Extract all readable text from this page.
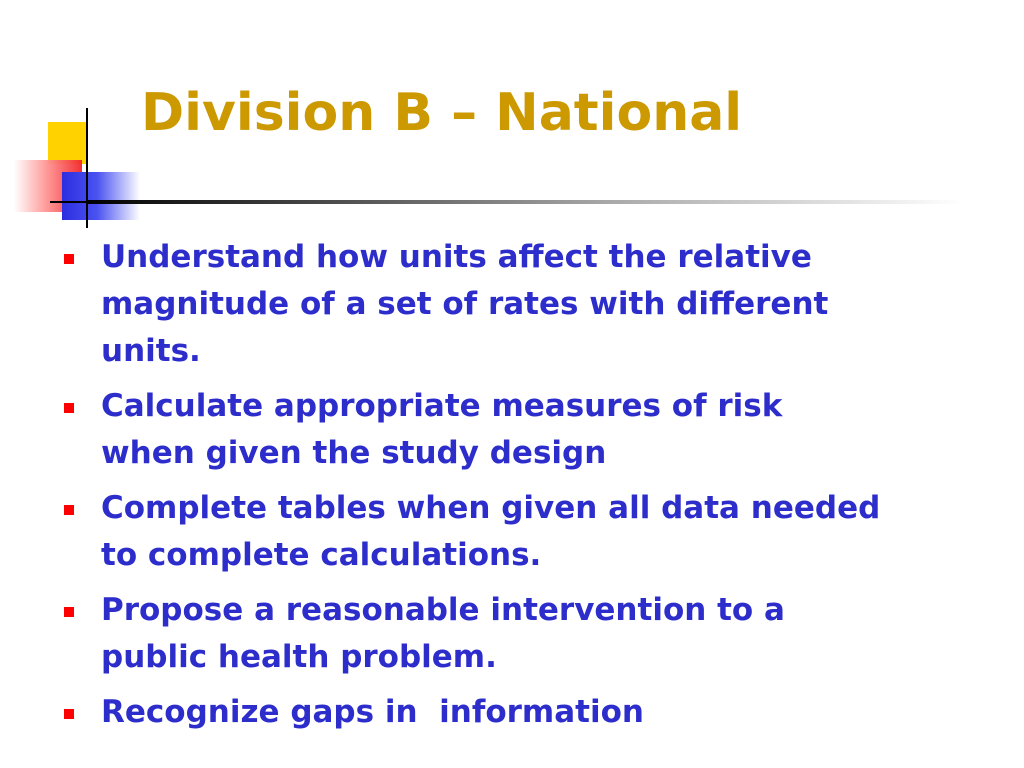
Division B – National
Understand how units affect the relative
magnitude of a set of rates with different
units.
Calculate appropriate measures of risk
when given the study design
Complete tables when given all data needed
to complete calculations.
Propose a reasonable intervention to a
public health problem.
Recognize gaps in  information
